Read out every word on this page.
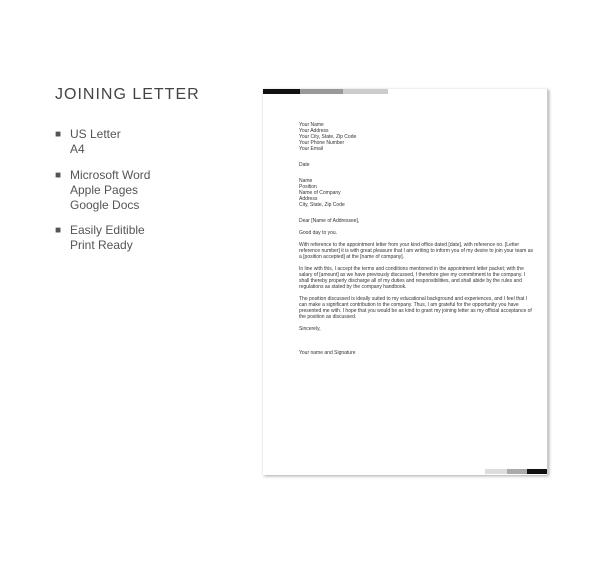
JOINING LETTER
■ US Letter
A4
■ Microsoft Word
Apple Pages
Google Docs
■ Easily Editible
Print Ready
Your Name
Your Address
Your City, State, Zip Code
Your Phone Number
Your Email
Date
Name
Position
Name of Company
Address
City, State, Zip Code

Dear [Name of Addressee],

Good day to you.

With reference to the appointment letter from your kind office dated [date], with reference no. [Letter reference number] it is with great pleasure that I am writing to inform you of my desire to join your team as a [position accepted] at the [name of company].

In line with this, I accept the terms and conditions mentioned in the appointment letter packet; with the salary of [amount] as we have previously discussed, I therefore give my commitment to the company. I shall thereby properly discharge all of my duties and responsibilities, and shall abide by the rules and regulations as stated by the company handbook.

The position discussed is ideally suited to my educational background and experiences, and I feel that I can make a significant contribution to the company. Thus, I am grateful for the opportunity you have presented me with. I hope that you would be as kind to grant my joining letter as my official acceptance of the position as discussed.

Sincerely,

Your name and Signature
